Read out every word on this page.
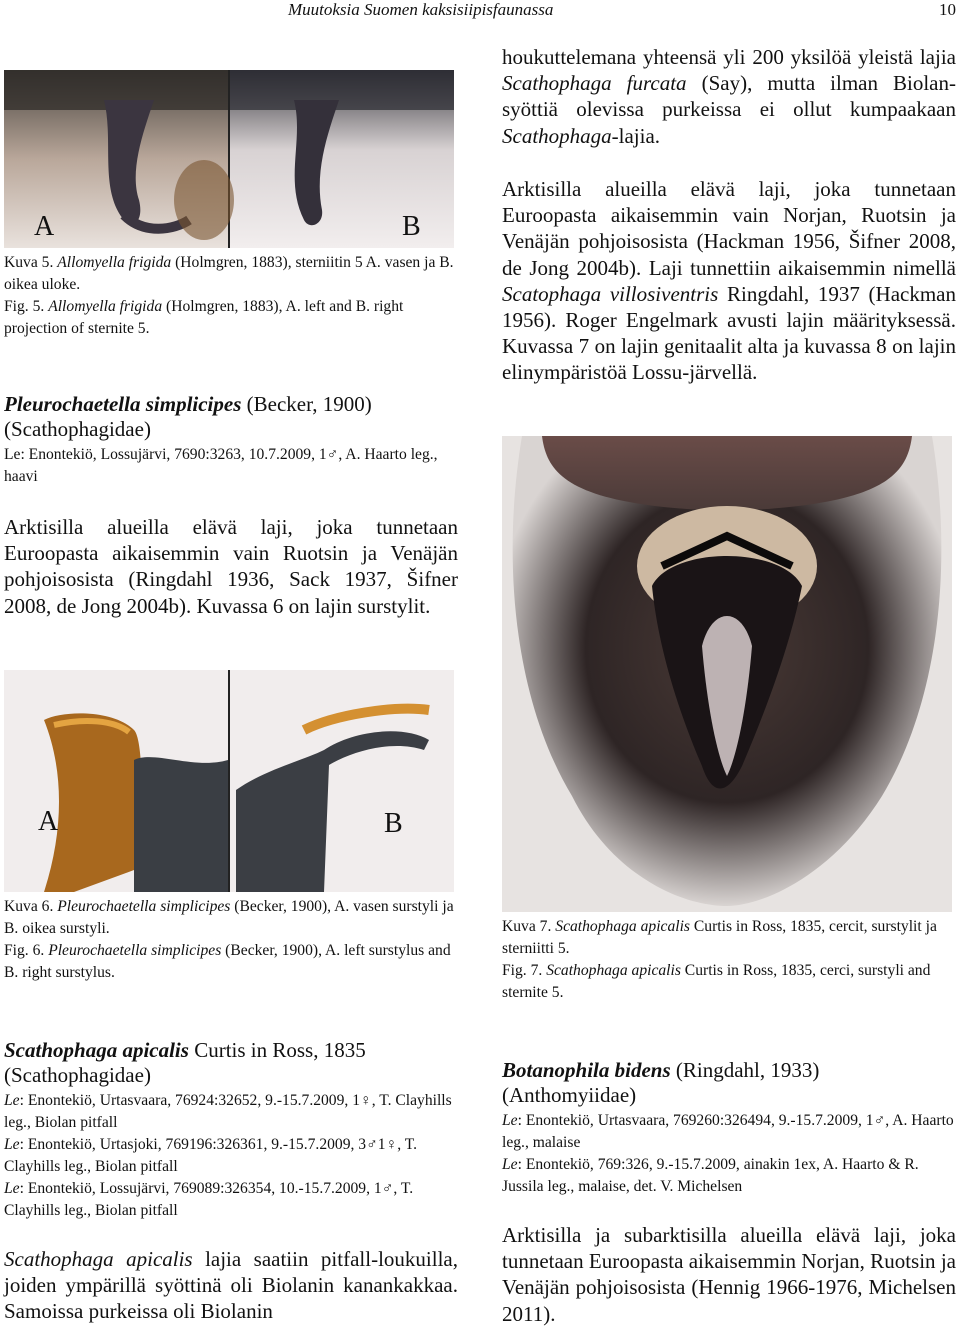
Muutoksia Suomen kaksisiipisfaunassa	10
A	B
Kuva 5. Allomyella frigida (Holmgren, 1883), sterniitin 5 A. vasen ja B. oikea uloke.
Fig. 5. Allomyella frigida (Holmgren, 1883), A. left and B. right projection of sternite 5.
Pleurochaetella simplicipes (Becker, 1900) (Scathophagidae)
Le: Enontekiö, Lossujärvi, 7690:3263, 10.7.2009, 1♂, A. Haarto leg., haavi
Arktisilla alueilla elävä laji, joka tunnetaan Euroopasta aikaisemmin vain Ruotsin ja Venäjän pohjoisosista (Ringdahl 1936, Sack 1937, Šifner 2008, de Jong 2004b). Kuvassa 6 on lajin surstylit.
A	B
Kuva 6. Pleurochaetella simplicipes (Becker, 1900), A. vasen surstyli ja B. oikea surstyli.
Fig. 6. Pleurochaetella simplicipes (Becker, 1900), A. left surstylus and B. right surstylus.
Scathophaga apicalis Curtis in Ross, 1835 (Scathophagidae)
Le: Enontekiö, Urtasvaara, 76924:32652, 9.-15.7.2009, 1♀, T. Clayhills leg., Biolan pitfall
Le: Enontekiö, Urtasjoki, 769196:326361, 9.-15.7.2009, 3♂1♀, T. Clayhills leg., Biolan pitfall
Le: Enontekiö, Lossujärvi, 769089:326354, 10.-15.7.2009, 1♂, T. Clayhills leg., Biolan pitfall
Scathophaga apicalis lajia saatiin pitfall-loukuilla, joiden ympärillä syöttinä oli Biolanin kanankakkaa. Samoissa purkeissa oli Biolanin
houkuttelemana yhteensä yli 200 yksilöä yleistä lajia Scathophaga furcata (Say), mutta ilman Biolan-syöttiä olevissa purkeissa ei ollut kumpaakaan Scathophaga-lajia.
Arktisilla alueilla elävä laji, joka tunnetaan Euroopasta aikaisemmin vain Norjan, Ruotsin ja Venäjän pohjoisosista (Hackman 1956, Šifner 2008, de Jong 2004b). Laji tunnettiin aikaisemmin nimellä Scatophaga villosiventris Ringdahl, 1937 (Hackman 1956). Roger Engelmark avusti lajin määrityksessä. Kuvassa 7 on lajin genitaalit alta ja kuvassa 8 on lajin elinympäristöä Lossu-järvellä.
Kuva 7. Scathophaga apicalis Curtis in Ross, 1835, cercit, surstylit ja sterniitti 5.
Fig. 7. Scathophaga apicalis Curtis in Ross, 1835, cerci, surstyli and sternite 5.
Botanophila bidens (Ringdahl, 1933) (Anthomyiidae)
Le: Enontekiö, Urtasvaara, 769260:326494, 9.-15.7.2009, 1♂, A. Haarto leg., malaise
Le: Enontekiö, 769:326, 9.-15.7.2009, ainakin 1ex, A. Haarto & R. Jussila leg., malaise, det. V. Michelsen
Arktisilla ja subarktisilla alueilla elävä laji, joka tunnetaan Euroopasta aikaisemmin Norjan, Ruotsin ja Venäjän pohjoisosista (Hennig 1966-1976, Michelsen 2011).
